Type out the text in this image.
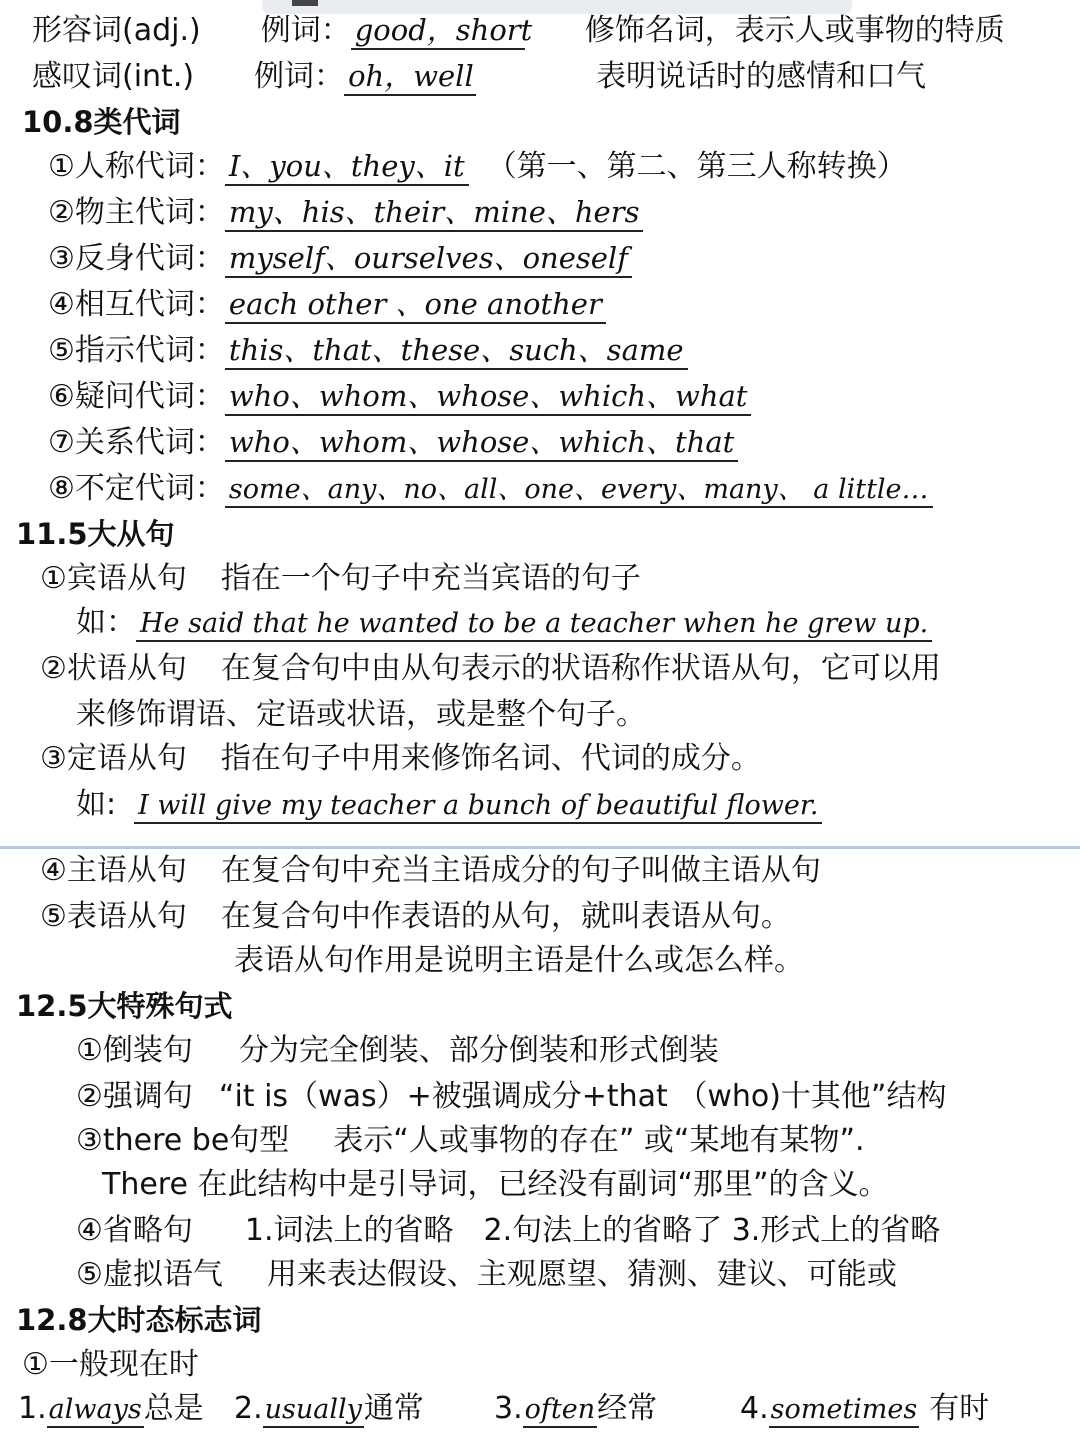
形容词(adj.) 例词： good，short 修饰名词，表示人或事物的特质
感叹词(int.) 例词： oh，well	表明说话时的感情和口气
10.8类代词
①人称代词： I、you、they、it （第一、第二、第三人称转换）
②物主代词： my、his、their、mine、hers
③反身代词： myself、ourselves、oneself
④相互代词： each other 、one another
⑤指示代词： this、that、these、such、same
⑥疑问代词： who、whom、whose、which、what
⑦关系代词： who、whom、whose、which、that
⑧不定代词： some、any、no、all、one、every、many、 a little…
11.5大从句
①宾语从句 指在一个句子中充当宾语的句子
如： He said that he wanted to be a teacher when he grew up.
②状语从句 在复合句中由从句表示的状语称作状语从句，它可以用
来修饰谓语、定语或状语，或是整个句子。
③定语从句 指在句子中用来修饰名词、代词的成分。
如: I will give my teacher a bunch of beautiful flower.
④主语从句 在复合句中充当主语成分的句子叫做主语从句
⑤表语从句 在复合句中作表语的从句，就叫表语从句。
表语从句作用是说明主语是什么或怎么样。
12.5大特殊句式
①倒装句 分为完全倒装、部分倒装和形式倒装
②强调句 “it is（was）+被强调成分+that （who)十其他”结构
③there be句型 表示“人或事物的存在” 或“某地有某物”.
There 在此结构中是引导词，已经没有副词“那里”的含义。
④省略句 1.词法上的省略　2.句法上的省略了 3.形式上的省略
⑤虚拟语气 用来表达假设、主观愿望、猜测、建议、可能或
12.8大时态标志词
①一般现在时
1.always总是 2.usually通常 3.often经常	4.sometimes 有时
